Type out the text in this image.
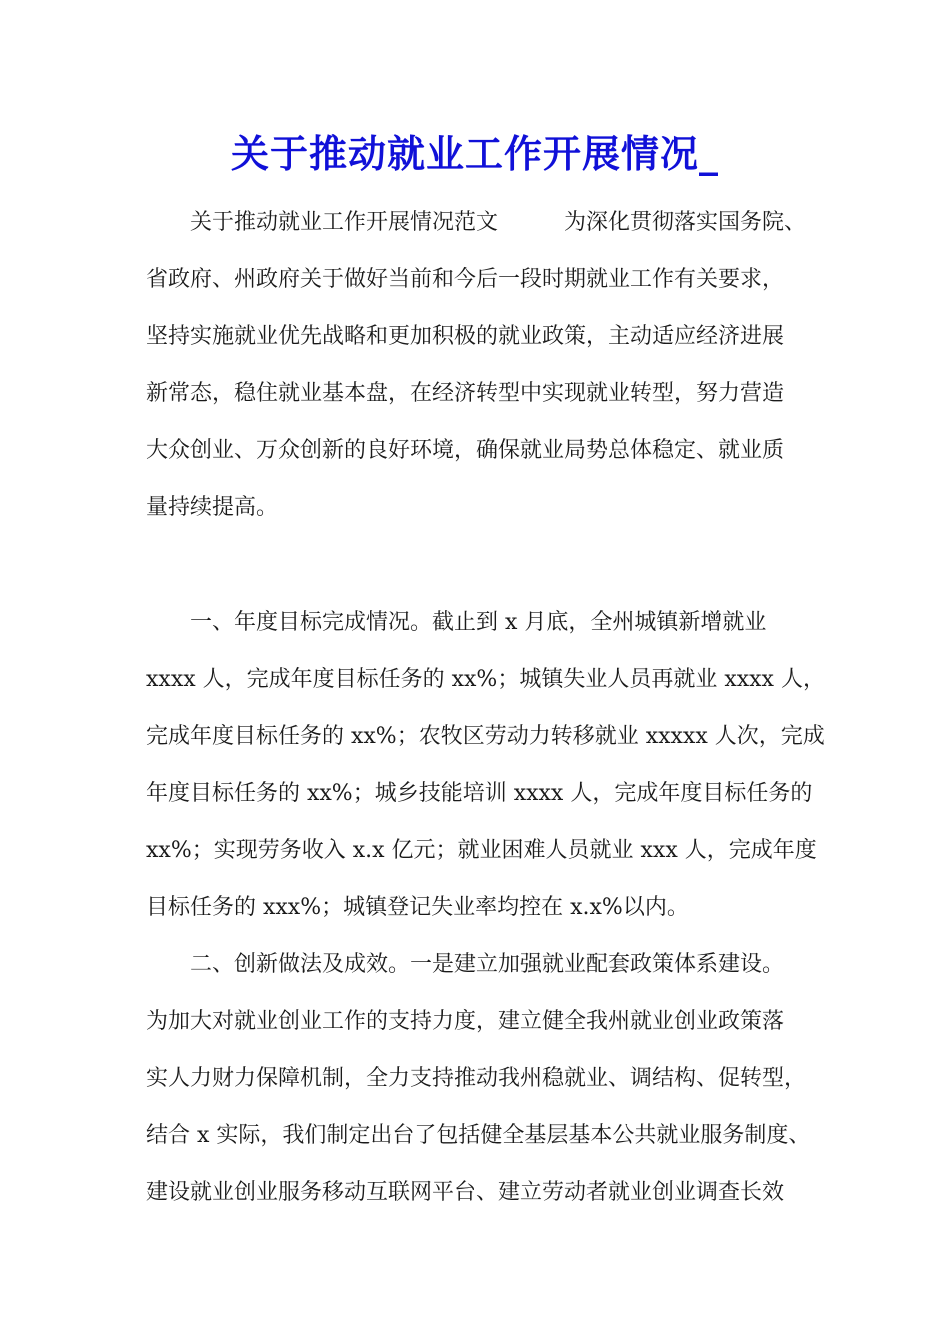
关于推动就业工作开展情况_

　　关于推动就业工作开展情况范文　　　为深化贯彻落实国务院、

省政府、州政府关于做好当前和今后一段时期就业工作有关要求，

坚持实施就业优先战略和更加积极的就业政策，主动适应经济进展

新常态，稳住就业基本盘，在经济转型中实现就业转型，努力营造

大众创业、万众创新的良好环境，确保就业局势总体稳定、就业质

量持续提高。

　　一、年度目标完成情况。截止到 x 月底，全州城镇新增就业

xxxx 人，完成年度目标任务的 xx%；城镇失业人员再就业 xxxx 人，

完成年度目标任务的 xx%；农牧区劳动力转移就业 xxxxx 人次，完成

年度目标任务的 xx%；城乡技能培训 xxxx 人，完成年度目标任务的

xx%；实现劳务收入 x.x 亿元；就业困难人员就业 xxx 人，完成年度

目标任务的 xxx%；城镇登记失业率均控在 x.x%以内。

　　二、创新做法及成效。一是建立加强就业配套政策体系建设。

为加大对就业创业工作的支持力度，建立健全我州就业创业政策落

实人力财力保障机制，全力支持推动我州稳就业、调结构、促转型，

结合 x 实际，我们制定出台了包括健全基层基本公共就业服务制度、

建设就业创业服务移动互联网平台、建立劳动者就业创业调查长效
